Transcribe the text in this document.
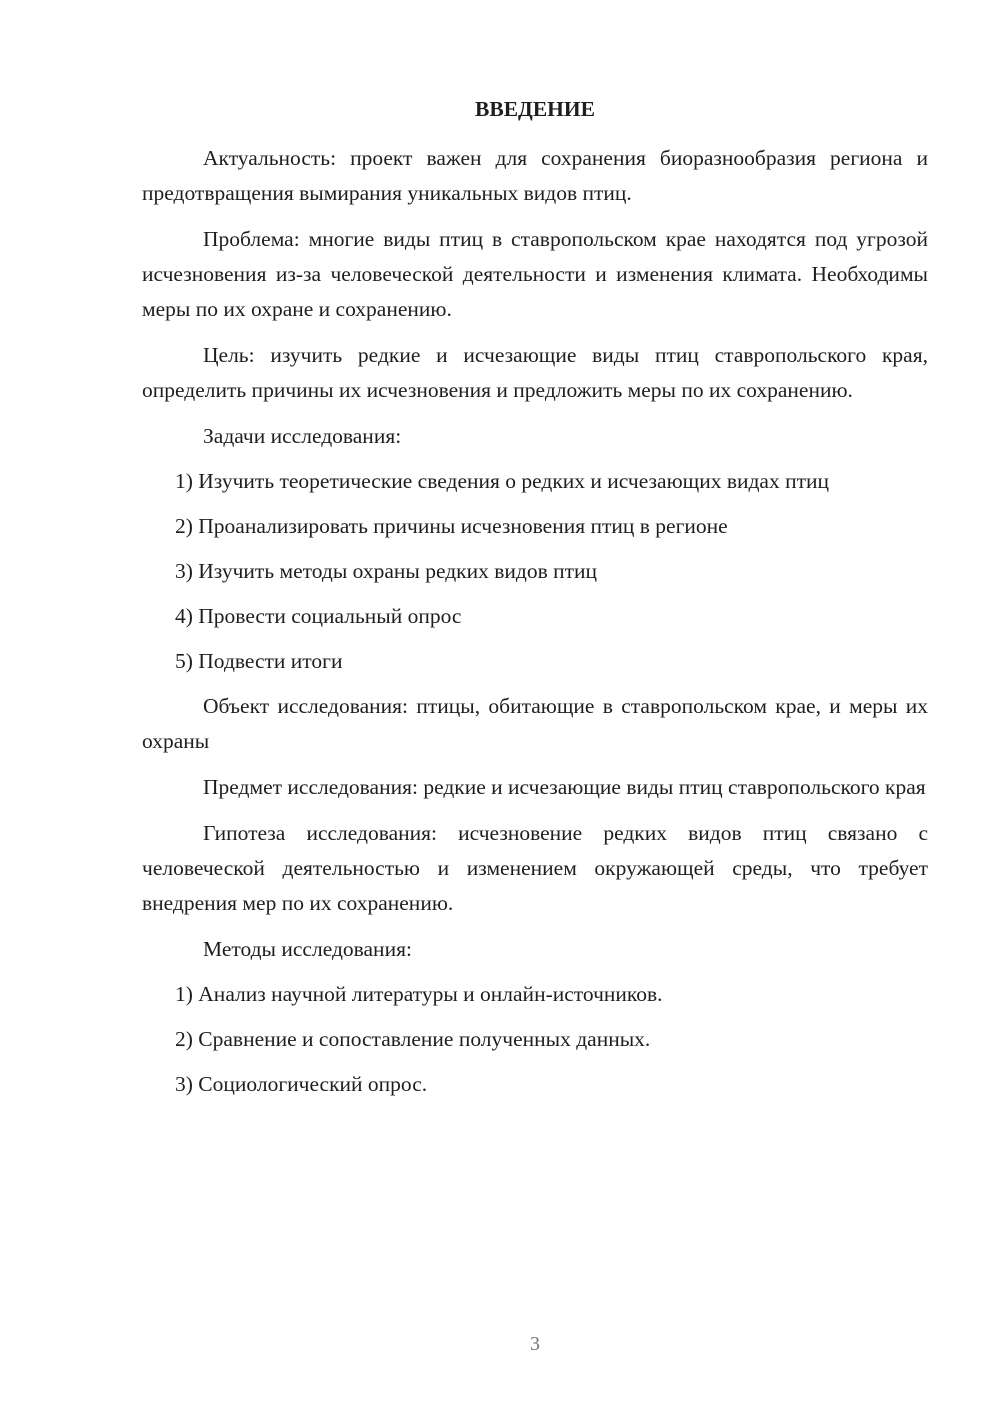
ВВЕДЕНИЕ

Актуальность: проект важен для сохранения биоразнообразия региона и предотвращения вымирания уникальных видов птиц.

Проблема: многие виды птиц в ставропольском крае находятся под угрозой исчезновения из-за человеческой деятельности и изменения климата. Необходимы меры по их охране и сохранению.

Цель: изучить редкие и исчезающие виды птиц ставропольского края, определить причины их исчезновения и предложить меры по их сохранению.

Задачи исследования:

1) Изучить теоретические сведения о редких и исчезающих видах птиц
2) Проанализировать причины исчезновения птиц в регионе
3) Изучить методы охраны редких видов птиц
4) Провести социальный опрос
5) Подвести итоги

Объект исследования: птицы, обитающие в ставропольском крае, и меры их охраны

Предмет исследования: редкие и исчезающие виды птиц ставропольского края

Гипотеза исследования: исчезновение редких видов птиц связано с человеческой деятельностью и изменением окружающей среды, что требует внедрения мер по их сохранению.

Методы исследования:

1) Анализ научной литературы и онлайн-источников.
2) Сравнение и сопоставление полученных данных.
3) Социологический опрос.
3
